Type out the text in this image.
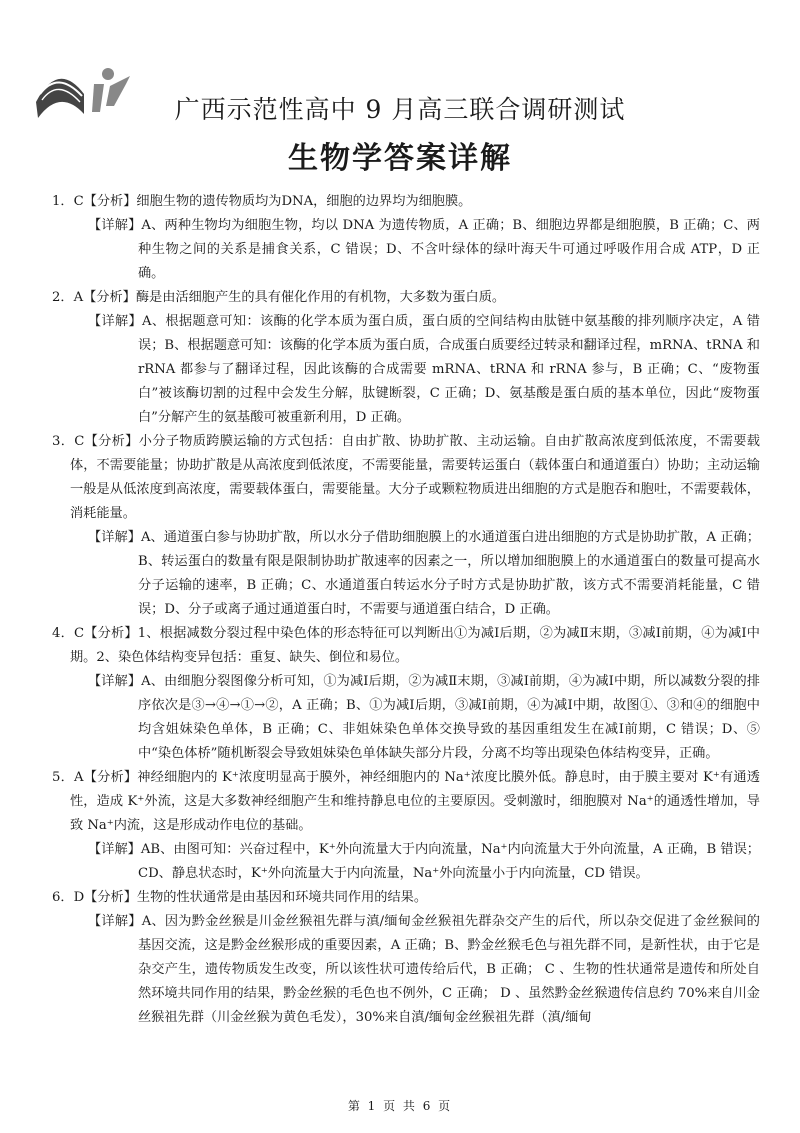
广西示范性高中 9 月高三联合调研测试
生物学答案详解

1．C【分析】细胞生物的遗传物质均为DNA，细胞的边界均为细胞膜。

【详解】A、两种生物均为细胞生物，均以 DNA 为遗传物质，A 正确；B、细胞边界都是细胞膜，B 正确；C、两种生物之间的关系是捕食关系，C 错误；D、不含叶绿体的绿叶海天牛可通过呼吸作用合成 ATP，D 正确。

2．A【分析】酶是由活细胞产生的具有催化作用的有机物，大多数为蛋白质。

【详解】A、根据题意可知：该酶的化学本质为蛋白质，蛋白质的空间结构由肽链中氨基酸的排列顺序决定，A 错误；B、根据题意可知：该酶的化学本质为蛋白质，合成蛋白质要经过转录和翻译过程，mRNA、tRNA 和 rRNA 都参与了翻译过程，因此该酶的合成需要 mRNA、tRNA 和 rRNA 参与，B 正确；C、“废物蛋白”被该酶切割的过程中会发生分解，肽键断裂，C 正确；D、氨基酸是蛋白质的基本单位，因此“废物蛋白”分解产生的氨基酸可被重新利用，D 正确。

3．C【分析】小分子物质跨膜运输的方式包括：自由扩散、协助扩散、主动运输。自由扩散高浓度到低浓度，不需要载体，不需要能量；协助扩散是从高浓度到低浓度，不需要能量，需要转运蛋白（载体蛋白和通道蛋白）协助；主动运输一般是从低浓度到高浓度，需要载体蛋白，需要能量。大分子或颗粒物质进出细胞的方式是胞吞和胞吐，不需要载体，消耗能量。

【详解】A、通道蛋白参与协助扩散，所以水分子借助细胞膜上的水通道蛋白进出细胞的方式是协助扩散，A 正确；B、转运蛋白的数量有限是限制协助扩散速率的因素之一，所以增加细胞膜上的水通道蛋白的数量可提高水分子运输的速率，B 正确；C、水通道蛋白转运水分子时方式是协助扩散，该方式不需要消耗能量，C 错误；D、分子或离子通过通道蛋白时，不需要与通道蛋白结合，D 正确。

4．C【分析】1、根据减数分裂过程中染色体的形态特征可以判断出①为减Ⅰ后期，②为减Ⅱ末期，③减Ⅰ前期，④为减Ⅰ中期。2、染色体结构变异包括：重复、缺失、倒位和易位。

【详解】A、由细胞分裂图像分析可知，①为减Ⅰ后期，②为减Ⅱ末期，③减Ⅰ前期，④为减Ⅰ中期，所以减数分裂的排序依次是③→④→①→②，A 正确；B、①为减Ⅰ后期，③减Ⅰ前期，④为减Ⅰ中期，故图①、③和④的细胞中均含姐妹染色单体，B 正确；C、非姐妹染色单体交换导致的基因重组发生在减Ⅰ前期，C 错误；D、⑤中“染色体桥”随机断裂会导致姐妹染色单体缺失部分片段，分离不均等出现染色体结构变异，正确。

5．A【分析】神经细胞内的 K⁺浓度明显高于膜外，神经细胞内的 Na⁺浓度比膜外低。静息时，由于膜主要对 K⁺有通透性，造成 K⁺外流，这是大多数神经细胞产生和维持静息电位的主要原因。受刺激时，细胞膜对 Na⁺的通透性增加，导致 Na⁺内流，这是形成动作电位的基础。

【详解】AB、由图可知：兴奋过程中，K⁺外向流量大于内向流量，Na⁺内向流量大于外向流量，A 正确，B 错误；CD、静息状态时，K⁺外向流量大于内向流量，Na⁺外向流量小于内向流量，CD 错误。

6．D【分析】生物的性状通常是由基因和环境共同作用的结果。

【详解】A、因为黔金丝猴是川金丝猴祖先群与滇/缅甸金丝猴祖先群杂交产生的后代，所以杂交促进了金丝猴间的基因交流，这是黔金丝猴形成的重要因素，A 正确；B、黔金丝猴毛色与祖先群不同，是新性状，由于它是杂交产生，遗传物质发生改变，所以该性状可遗传给后代，B 正确； C 、生物的性状通常是遗传和所处自然环境共同作用的结果，黔金丝猴的毛色也不例外，C 正确； D 、虽然黔金丝猴遗传信息约 70%来自川金丝猴祖先群（川金丝猴为黄色毛发），30%来自滇/缅甸金丝猴祖先群（滇/缅甸

第 1 页 共 6 页
